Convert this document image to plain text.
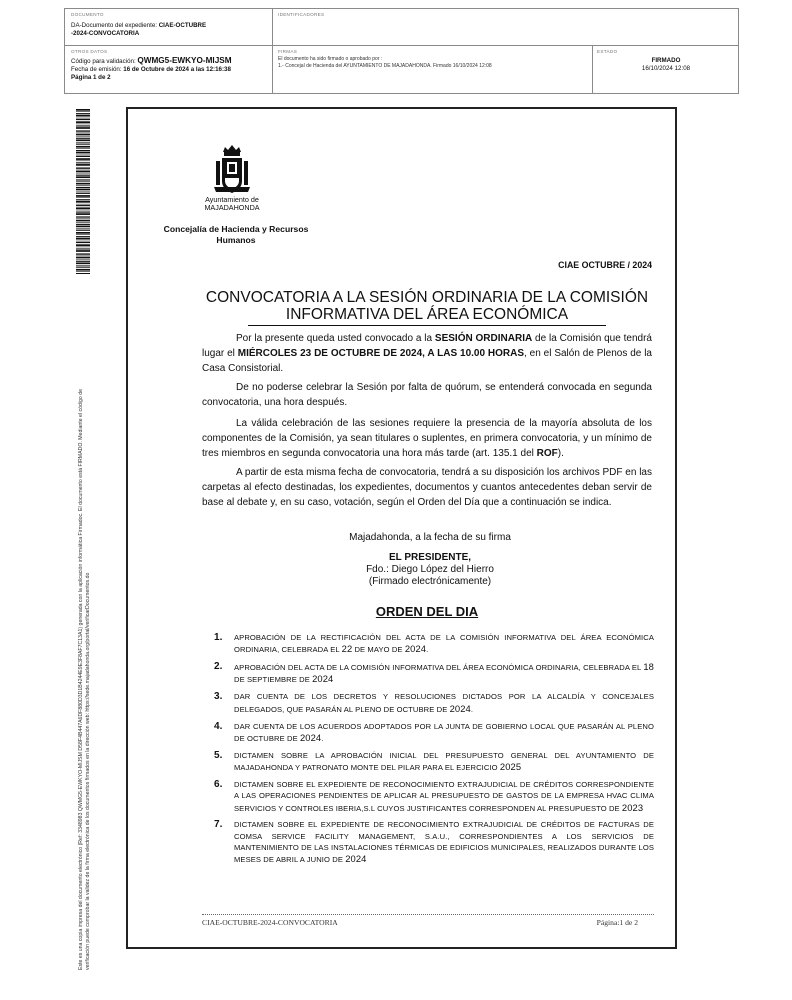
DOCUMENTO
DA-Documento del expediente: CIAE-OCTUBRE
-2024-CONVOCATORIA
IDENTIFICADORES
OTROS DATOS
Código para validación: QWMG5-EWKYO-MIJSM
Fecha de emisión: 16 de Octubre de 2024 a las 12:16:38
Página 1 de 2
FIRMAS
El documento ha sido firmado o aprobado por :
1.- Concejal de Hacienda del AYUNTAMIENTO DE MAJADAHONDA. Firmado 16/10/2024 12:08
ESTADO
FIRMADO
16/10/2024 12:08
Este es una copia impresa del documento electrónico (Ref: 3348983 QWMG5-EWKYO-MIJSM D58F4B447A6DF880D3D1B4244E9E3F8AF7C13A1) generada con la aplicación informática Firmadoc. El documento está FIRMADO. Mediante el código de verificación puede comprobar la validez de la firma electrónica de los documentos firmados en la dirección web: https://sede.majadahonda.org/portal/verificarDocumentos.do
Ayuntamiento de
MAJADAHONDA
Concejalía de Hacienda y Recursos
Humanos
CIAE OCTUBRE / 2024
CONVOCATORIA A LA SESIÓN ORDINARIA DE LA COMISIÓN INFORMATIVA DEL ÁREA ECONÓMICA

Por la presente queda usted convocado a la SESIÓN ORDINARIA de la Comisión que tendrá lugar el MIÉRCOLES 23 DE OCTUBRE DE 2024, A LAS 10.00 HORAS, en el Salón de Plenos de la Casa Consistorial.

De no poderse celebrar la Sesión por falta de quórum, se entenderá convocada en segunda convocatoria, una hora después.

La válida celebración de las sesiones requiere la presencia de la mayoría absoluta de los componentes de la Comisión, ya sean titulares o suplentes, en primera convocatoria, y un mínimo de tres miembros en segunda convocatoria una hora más tarde (art. 135.1 del ROF).

A partir de esta misma fecha de convocatoria, tendrá a su disposición los archivos PDF en las carpetas al efecto destinadas, los expedientes, documentos y cuantos antecedentes deban servir de base al debate y, en su caso, votación, según el Orden del Día que a continuación se indica.

Majadahonda, a la fecha de su firma
EL PRESIDENTE,
Fdo.: Diego López del Hierro
(Firmado electrónicamente)
ORDEN DEL DIA
1. APROBACIÓN DE LA RECTIFICACIÓN DEL ACTA DE LA COMISIÓN INFORMATIVA DEL ÁREA ECONÓMICA ORDINARIA, CELEBRADA EL 22 DE MAYO DE 2024.
2. APROBACIÓN DEL ACTA DE LA COMISIÓN INFORMATIVA DEL ÁREA ECONÓMICA ORDINARIA, CELEBRADA EL 18 DE SEPTIEMBRE DE 2024
3. DAR CUENTA DE LOS DECRETOS Y RESOLUCIONES DICTADOS POR LA ALCALDÍA Y CONCEJALES DELEGADOS, QUE PASARÁN AL PLENO DE OCTUBRE DE 2024.
4. DAR CUENTA DE LOS ACUERDOS ADOPTADOS POR LA JUNTA DE GOBIERNO LOCAL QUE PASARÁN AL PLENO DE OCTUBRE DE 2024.
5. DICTAMEN SOBRE LA APROBACIÓN INICIAL DEL PRESUPUESTO GENERAL DEL AYUNTAMIENTO DE MAJADAHONDA Y PATRONATO MONTE DEL PILAR PARA EL EJERCICIO 2025
6. DICTAMEN SOBRE EL EXPEDIENTE DE RECONOCIMIENTO EXTRAJUDICIAL DE CRÉDITOS CORRESPONDIENTE A LAS OPERACIONES PENDIENTES DE APLICAR AL PRESUPUESTO DE GASTOS DE LA EMPRESA HVAC CLIMA SERVICIOS Y CONTROLES IBERIA,S.L CUYOS JUSTIFICANTES CORRESPONDEN AL PRESUPUESTO DE 2023
7. DICTAMEN SOBRE EL EXPEDIENTE DE RECONOCIMIENTO EXTRAJUDICIAL DE CRÉDITOS DE FACTURAS DE COMSA SERVICE FACILITY MANAGEMENT, S.A.U., CORRESPONDIENTES A LOS SERVICIOS DE MANTENIMIENTO DE LAS INSTALACIONES TÉRMICAS DE EDIFICIOS MUNICIPALES, REALIZADOS DURANTE LOS MESES DE ABRIL A JUNIO DE 2024
CIAE-OCTUBRE-2024-CONVOCATORIA	Página:1 de 2
